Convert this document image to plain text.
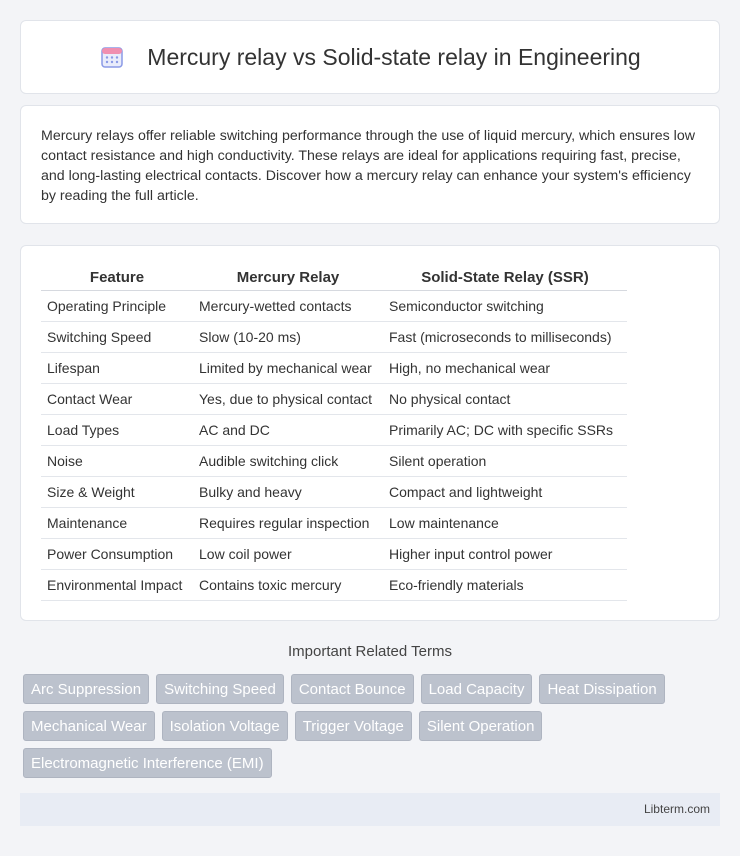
Mercury relay vs Solid-state relay in Engineering

Mercury relays offer reliable switching performance through the use of liquid mercury, which ensures low contact resistance and high conductivity. These relays are ideal for applications requiring fast, precise, and long-lasting electrical contacts. Discover how a mercury relay can enhance your system's efficiency by reading the full article.

Feature	Mercury Relay	Solid-State Relay (SSR)
Operating Principle	Mercury-wetted contacts	Semiconductor switching
Switching Speed	Slow (10-20 ms)	Fast (microseconds to milliseconds)
Lifespan	Limited by mechanical wear	High, no mechanical wear
Contact Wear	Yes, due to physical contact	No physical contact
Load Types	AC and DC	Primarily AC; DC with specific SSRs
Noise	Audible switching click	Silent operation
Size & Weight	Bulky and heavy	Compact and lightweight
Maintenance	Requires regular inspection	Low maintenance
Power Consumption	Low coil power	Higher input control power
Environmental Impact	Contains toxic mercury	Eco-friendly materials
Important Related Terms
Arc Suppression	Switching Speed	Contact Bounce	Load Capacity	Heat Dissipation
Mechanical Wear	Isolation Voltage	Trigger Voltage	Silent Operation
Electromagnetic Interference (EMI)
Libterm.com
